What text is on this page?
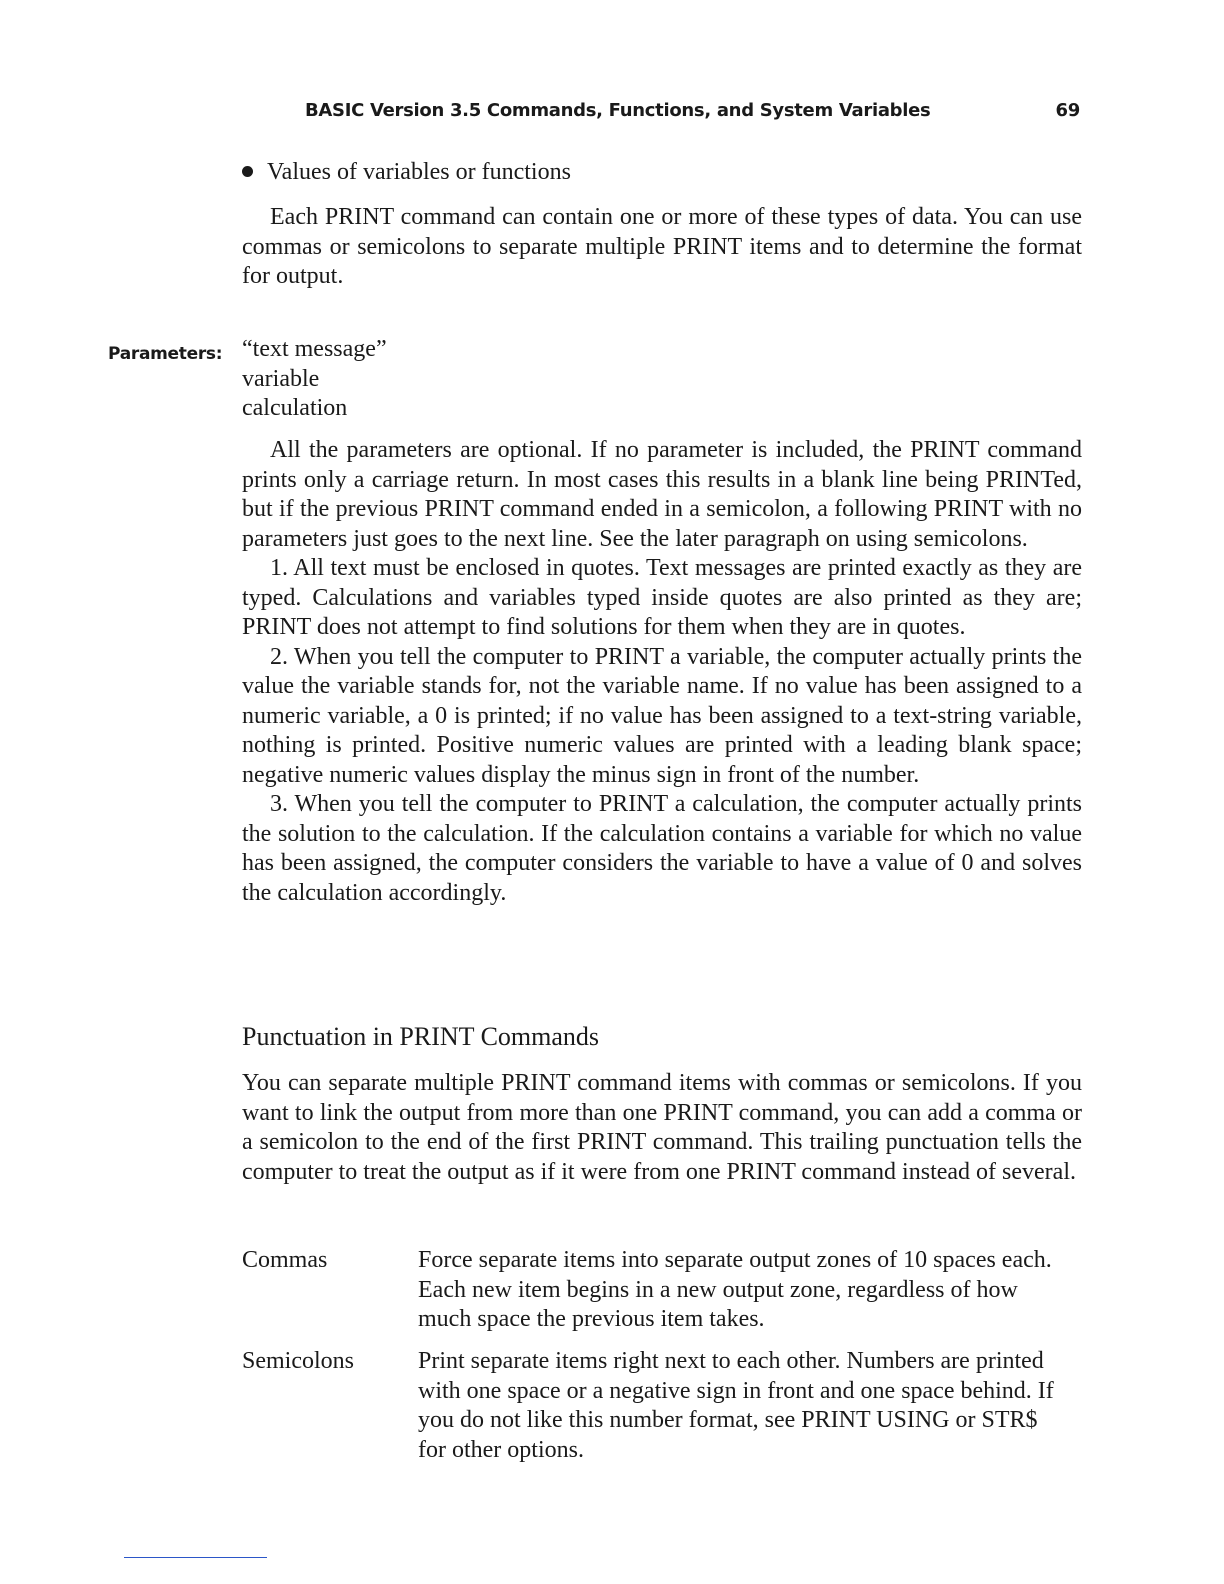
BASIC Version 3.5 Commands, Functions, and System Variables	69
Values of variables or functions

Each PRINT command can contain one or more of these types of data. You can use commas or semicolons to separate multiple PRINT items and to determine the format for output.

Parameters: “text message”
variable
calculation

All the parameters are optional. If no parameter is included, the PRINT command prints only a carriage return. In most cases this results in a blank line being PRINTed, but if the previous PRINT command ended in a semicolon, a following PRINT with no parameters just goes to the next line. See the later paragraph on using semicolons.

1. All text must be enclosed in quotes. Text messages are printed exactly as they are typed. Calculations and variables typed inside quotes are also printed as they are; PRINT does not attempt to find solutions for them when they are in quotes.

2. When you tell the computer to PRINT a variable, the computer actually prints the value the variable stands for, not the variable name. If no value has been assigned to a numeric variable, a 0 is printed; if no value has been assigned to a text-string variable, nothing is printed. Positive numeric values are printed with a leading blank space; negative numeric values display the minus sign in front of the number.

3. When you tell the computer to PRINT a calculation, the computer actually prints the solution to the calculation. If the calculation contains a variable for which no value has been assigned, the computer considers the variable to have a value of 0 and solves the calculation accordingly.

Punctuation in PRINT Commands

You can separate multiple PRINT command items with commas or semicolons. If you want to link the output from more than one PRINT command, you can add a comma or a semicolon to the end of the first PRINT command. This trailing punctuation tells the computer to treat the output as if it were from one PRINT command instead of several.

Commas	Force separate items into separate output zones of 10 spaces each. Each new item begins in a new output zone, regardless of how much space the previous item takes.
Semicolons	Print separate items right next to each other. Numbers are printed with one space or a negative sign in front and one space behind. If you do not like this number format, see PRINT USING or STR$ for other options.
